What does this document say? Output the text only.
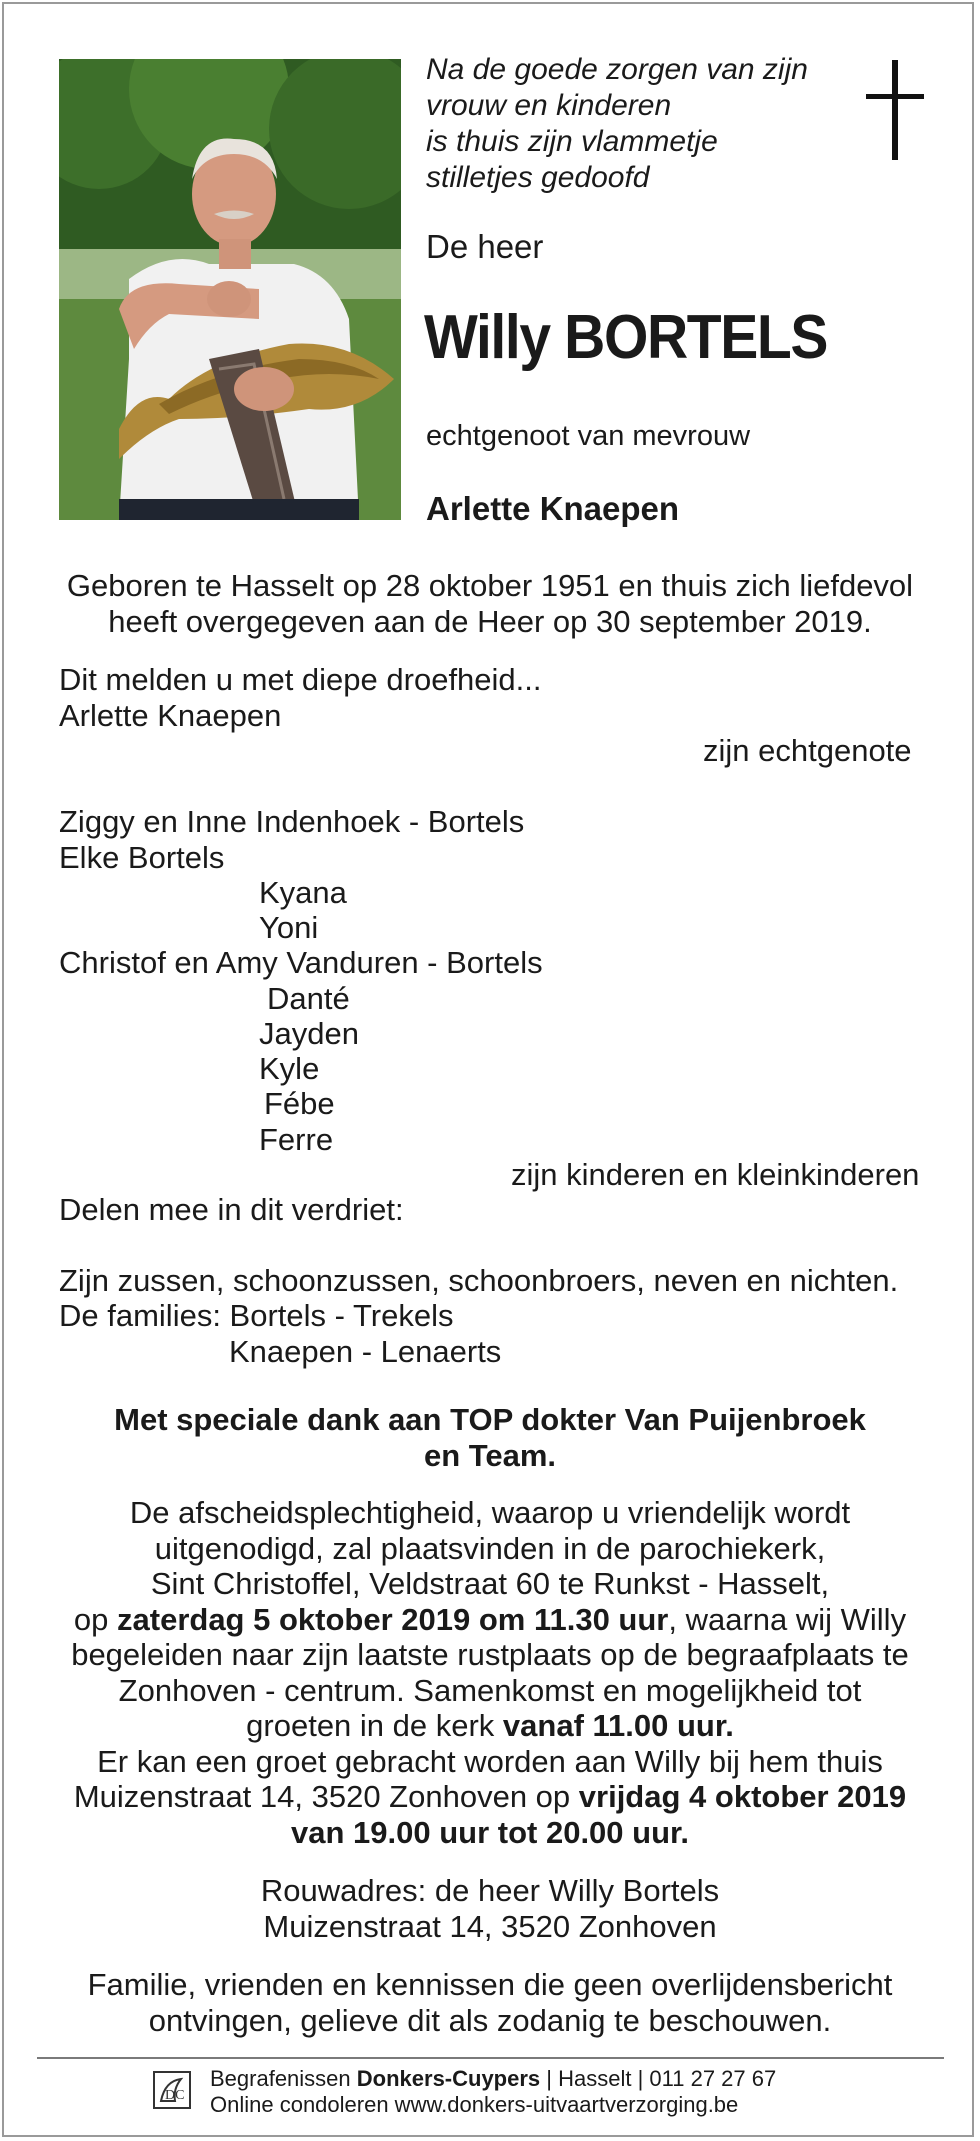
Na de goede zorgen van zijn
vrouw en kinderen
is thuis zijn vlammetje
stilletjes gedoofd
De heer
Willy BORTELS
echtgenoot van mevrouw
Arlette Knaepen
Geboren te Hasselt op 28 oktober 1951 en thuis zich liefdevol
heeft overgegeven aan de Heer op 30 september 2019.
Dit melden u met diepe droefheid...
Arlette Knaepen
zijn echtgenote
Ziggy en Inne Indenhoek - Bortels
Elke Bortels
Kyana
Yoni
Christof en Amy Vanduren - Bortels
Danté
Jayden
Kyle
Fébe
Ferre
zijn kinderen en kleinkinderen
Delen mee in dit verdriet:
Zijn zussen, schoonzussen, schoonbroers, neven en nichten.
De families: Bortels - Trekels
Knaepen - Lenaerts
Met speciale dank aan TOP dokter Van Puijenbroek
en Team.
De afscheidsplechtigheid, waarop u vriendelijk wordt
uitgenodigd, zal plaatsvinden in de parochiekerk,
Sint Christoffel, Veldstraat 60 te Runkst - Hasselt,
op zaterdag 5 oktober 2019 om 11.30 uur, waarna wij Willy
begeleiden naar zijn laatste rustplaats op de begraafplaats te
Zonhoven - centrum. Samenkomst en mogelijkheid tot
groeten in de kerk vanaf 11.00 uur.
Er kan een groet gebracht worden aan Willy bij hem thuis
Muizenstraat 14, 3520 Zonhoven op vrijdag 4 oktober 2019
van 19.00 uur tot 20.00 uur.
Rouwadres: de heer Willy Bortels
Muizenstraat 14, 3520 Zonhoven
Familie, vrienden en kennissen die geen overlijdensbericht
ontvingen, gelieve dit als zodanig te beschouwen.
DC
Begrafenissen Donkers-Cuypers | Hasselt | 011 27 27 67
Online condoleren www.donkers-uitvaartverzorging.be
